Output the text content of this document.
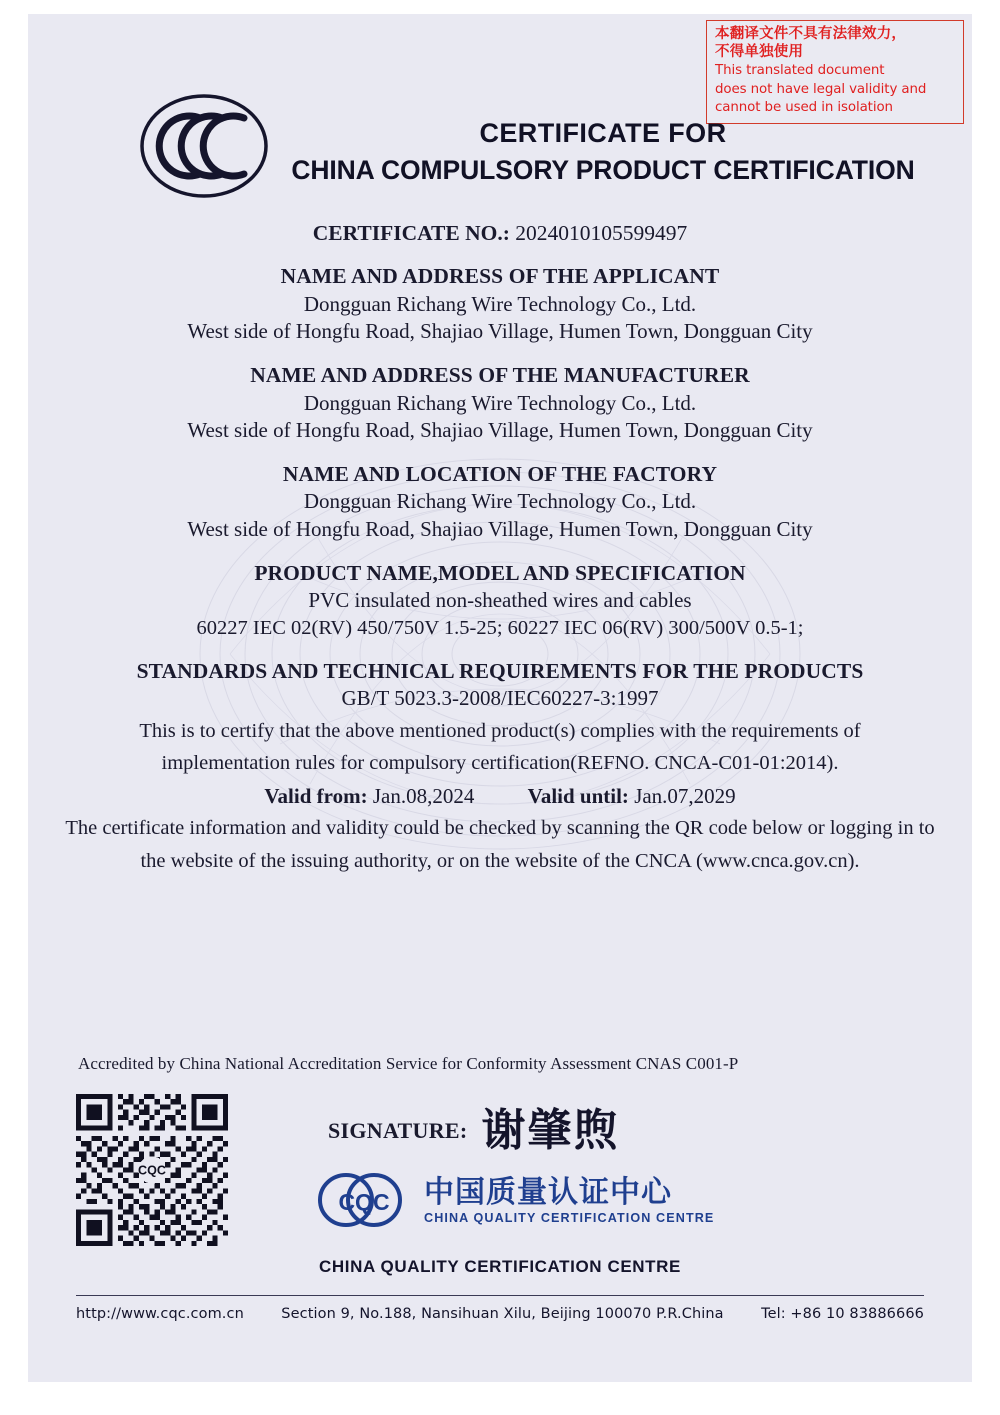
本翻译文件不具有法律效力，
不得单独使用
This translated document
does not have legal validity and
cannot be used in isolation
CERTIFICATE FOR
CHINA COMPULSORY PRODUCT CERTIFICATION
CERTIFICATE NO.: 2024010105599497
NAME AND ADDRESS OF THE APPLICANT
Dongguan Richang Wire Technology Co., Ltd.
West side of Hongfu Road, Shajiao Village, Humen Town, Dongguan City
NAME AND ADDRESS OF THE MANUFACTURER
Dongguan Richang Wire Technology Co., Ltd.
West side of Hongfu Road, Shajiao Village, Humen Town, Dongguan City
NAME AND LOCATION OF THE FACTORY
Dongguan Richang Wire Technology Co., Ltd.
West side of Hongfu Road, Shajiao Village, Humen Town, Dongguan City
PRODUCT NAME,MODEL AND SPECIFICATION
PVC insulated non-sheathed wires and cables
60227 IEC 02(RV) 450/750V 1.5-25; 60227 IEC 06(RV) 300/500V 0.5-1;
STANDARDS AND TECHNICAL REQUIREMENTS FOR THE PRODUCTS
GB/T 5023.3-2008/IEC60227-3:1997
This is to certify that the above mentioned product(s) complies with the requirements of
implementation rules for compulsory certification(REFNO. CNCA-C01-01:2014).
Valid from: Jan.08,2024	Valid until: Jan.07,2029
The certificate information and validity could be checked by scanning the QR code below or logging in to
the website of the issuing authority, or on the website of the CNCA (www.cnca.gov.cn).
Accredited by China National Accreditation Service for Conformity Assessment CNAS C001-P
CQC
SIGNATURE: 谢肇煦
CQC 中国质量认证中心
CHINA QUALITY CERTIFICATION CENTRE
CHINA QUALITY CERTIFICATION CENTRE
http://www.cqc.com.cn	Section 9, No.188, Nansihuan Xilu, Beijing 100070 P.R.China	Tel: +86 10 83886666
